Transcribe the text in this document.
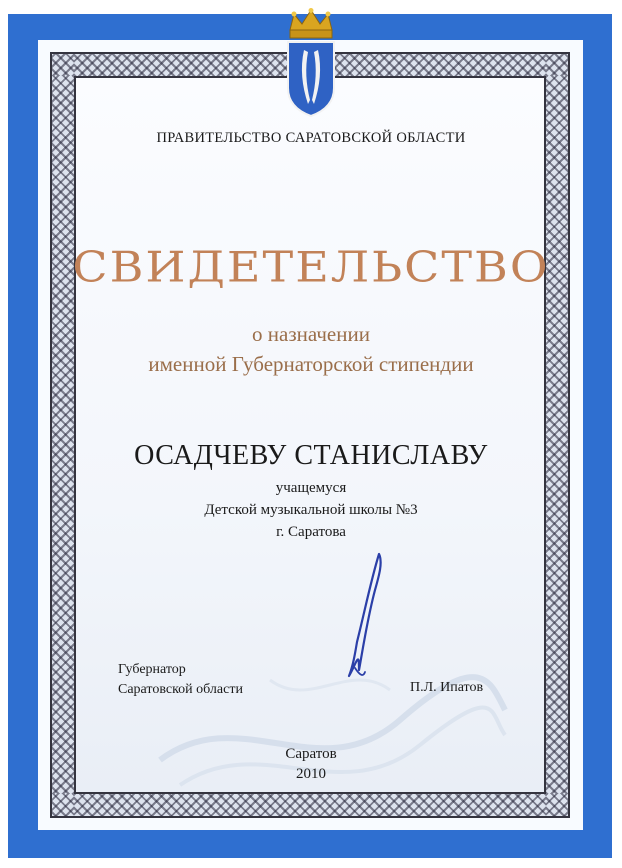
ПРАВИТЕЛЬСТВО САРАТОВСКОЙ ОБЛАСТИ
СВИДЕТЕЛЬСТВО
о назначении
именной Губернаторской стипендии
ОСАДЧЕВУ СТАНИСЛАВУ
учащемуся
Детской музыкальной школы №3
г. Саратова
Губернатор
Саратовской области	П.Л. Ипатов
Саратов
2010
